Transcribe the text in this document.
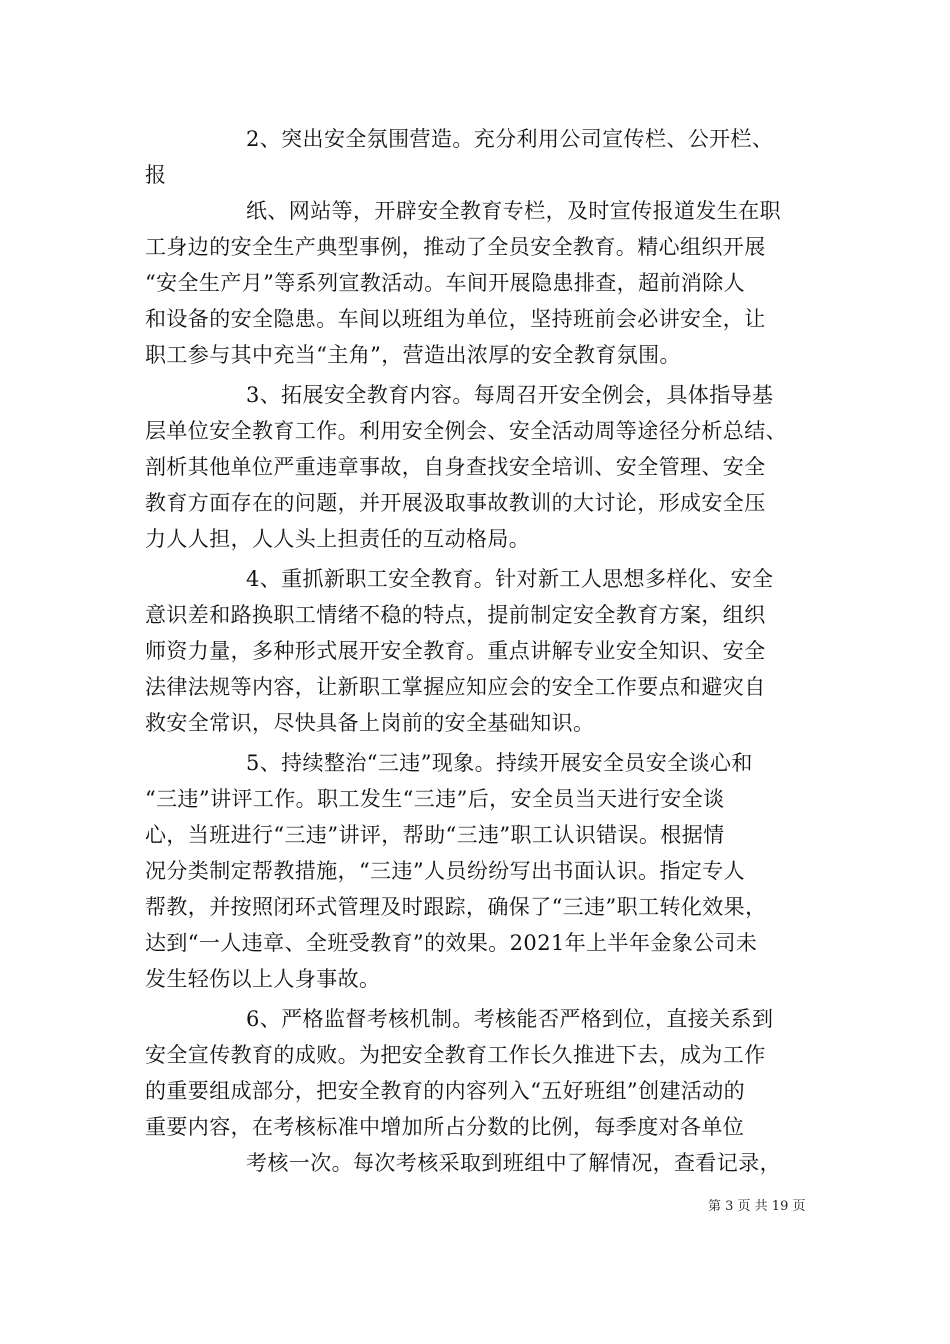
2、突出安全氛围营造。充分利用公司宣传栏、公开栏、
报
纸、网站等，开辟安全教育专栏，及时宣传报道发生在职
工身边的安全生产典型事例，推动了全员安全教育。精心组织开展
“安全生产月”等系列宣教活动。车间开展隐患排查，超前消除人
和设备的安全隐患。车间以班组为单位，坚持班前会必讲安全，让
职工参与其中充当“主角”，营造出浓厚的安全教育氛围。
3、拓展安全教育内容。每周召开安全例会，具体指导基
层单位安全教育工作。利用安全例会、安全活动周等途径分析总结、
剖析其他单位严重违章事故，自身查找安全培训、安全管理、安全
教育方面存在的问题，并开展汲取事故教训的大讨论，形成安全压
力人人担，人人头上担责任的互动格局。
4、重抓新职工安全教育。针对新工人思想多样化、安全
意识差和路换职工情绪不稳的特点，提前制定安全教育方案，组织
师资力量，多种形式展开安全教育。重点讲解专业安全知识、安全
法律法规等内容，让新职工掌握应知应会的安全工作要点和避灾自
救安全常识，尽快具备上岗前的安全基础知识。
5、持续整治“三违”现象。持续开展安全员安全谈心和
“三违”讲评工作。职工发生“三违”后，安全员当天进行安全谈
心，当班进行“三违”讲评，帮助“三违”职工认识错误。根据情
况分类制定帮教措施，“三违”人员纷纷写出书面认识。指定专人
帮教，并按照闭环式管理及时跟踪，确保了“三违”职工转化效果，
达到“一人违章、全班受教育”的效果。2021年上半年金象公司未
发生轻伤以上人身事故。
6、严格监督考核机制。考核能否严格到位，直接关系到
安全宣传教育的成败。为把安全教育工作长久推进下去，成为工作
的重要组成部分，把安全教育的内容列入“五好班组”创建活动的
重要内容，在考核标准中增加所占分数的比例，每季度对各单位
考核一次。每次考核采取到班组中了解情况，查看记录，
第 3 页 共 19 页
